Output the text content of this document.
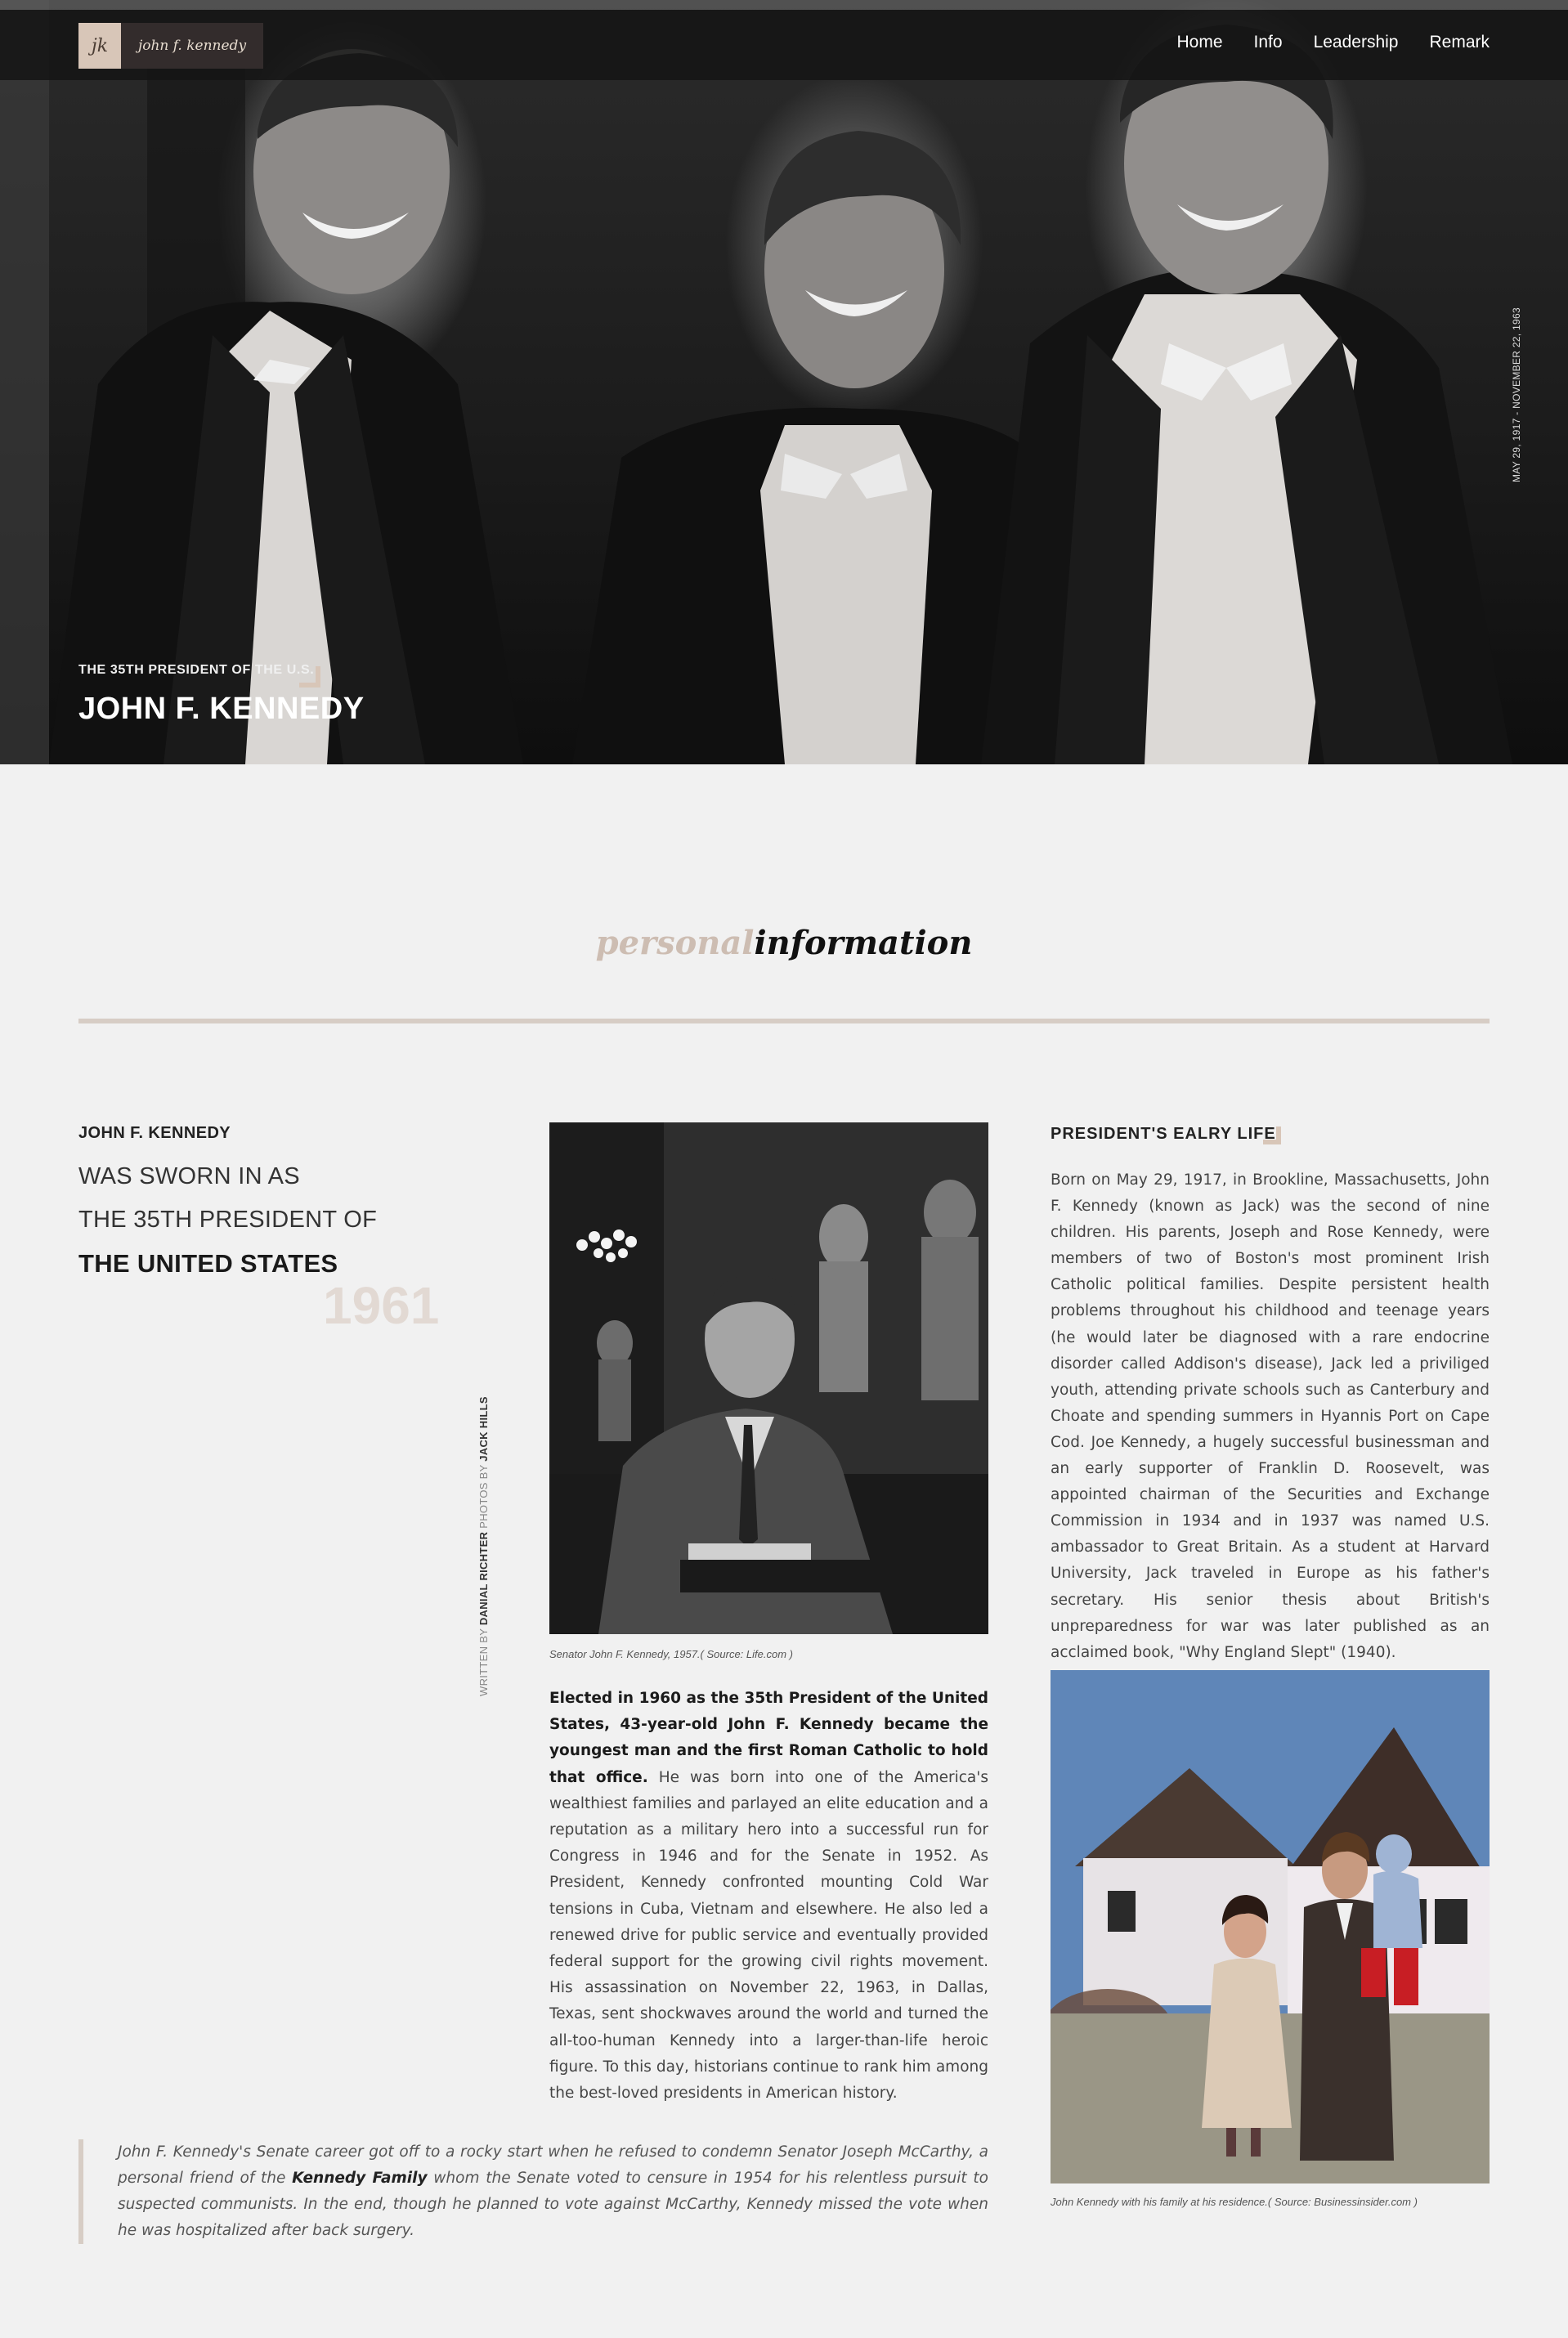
jk	john f. kennedy	Home Info Leadership Remark
MAY 29, 1917 - NOVEMBER 22, 1963
THE 35TH PRESIDENT OF THE U.S.
JOHN F. KENNEDY
personalinformation
JOHN F. KENNEDY
WAS SWORN IN AS
THE 35TH PRESIDENT OF
THE UNITED STATES
1961
WRITTEN BY DANIAL RICHTER PHOTOS BY JACK HILLS
Senator John F. Kennedy, 1957.( Source: Life.com )
Elected in 1960 as the 35th President of the United States, 43-year-old John F. Kennedy became the youngest man and the first Roman Catholic to hold that office. He was born into one of the America's wealthiest families and parlayed an elite education and a reputation as a military hero into a successful run for Congress in 1946 and for the Senate in 1952. As President, Kennedy confronted mounting Cold War tensions in Cuba, Vietnam and elsewhere. He also led a renewed drive for public service and eventually provided federal support for the growing civil rights movement. His assassination on November 22, 1963, in Dallas, Texas, sent shockwaves around the world and turned the all-too-human Kennedy into a larger-than-life heroic figure. To this day, historians continue to rank him among the best-loved presidents in American history.
PRESIDENT'S EALRY LIFE
Born on May 29, 1917, in Brookline, Massachusetts, John F. Kennedy (known as Jack) was the second of nine children. His parents, Joseph and Rose Kennedy, were members of two of Boston's most prominent Irish Catholic political families. Despite persistent health problems throughout his childhood and teenage years (he would later be diagnosed with a rare endocrine disorder called Addison's disease), Jack led a priviliged youth, attending private schools such as Canterbury and Choate and spending summers in Hyannis Port on Cape Cod. Joe Kennedy, a hugely successful businessman and an early supporter of Franklin D. Roosevelt, was appointed chairman of the Securities and Exchange Commission in 1934 and in 1937 was named U.S. ambassador to Great Britain. As a student at Harvard University, Jack traveled in Europe as his father's secretary. His senior thesis about British's unpreparedness for war was later published as an acclaimed book, "Why England Slept" (1940).
John Kennedy with his family at his residence.( Source: Businessinsider.com )
John F. Kennedy's Senate career got off to a rocky start when he refused to condemn Senator Joseph McCarthy, a personal friend of the Kennedy Family whom the Senate voted to censure in 1954 for his relentless pursuit to suspected communists. In the end, though he planned to vote against McCarthy, Kennedy missed the vote when he was hospitalized after back surgery.
